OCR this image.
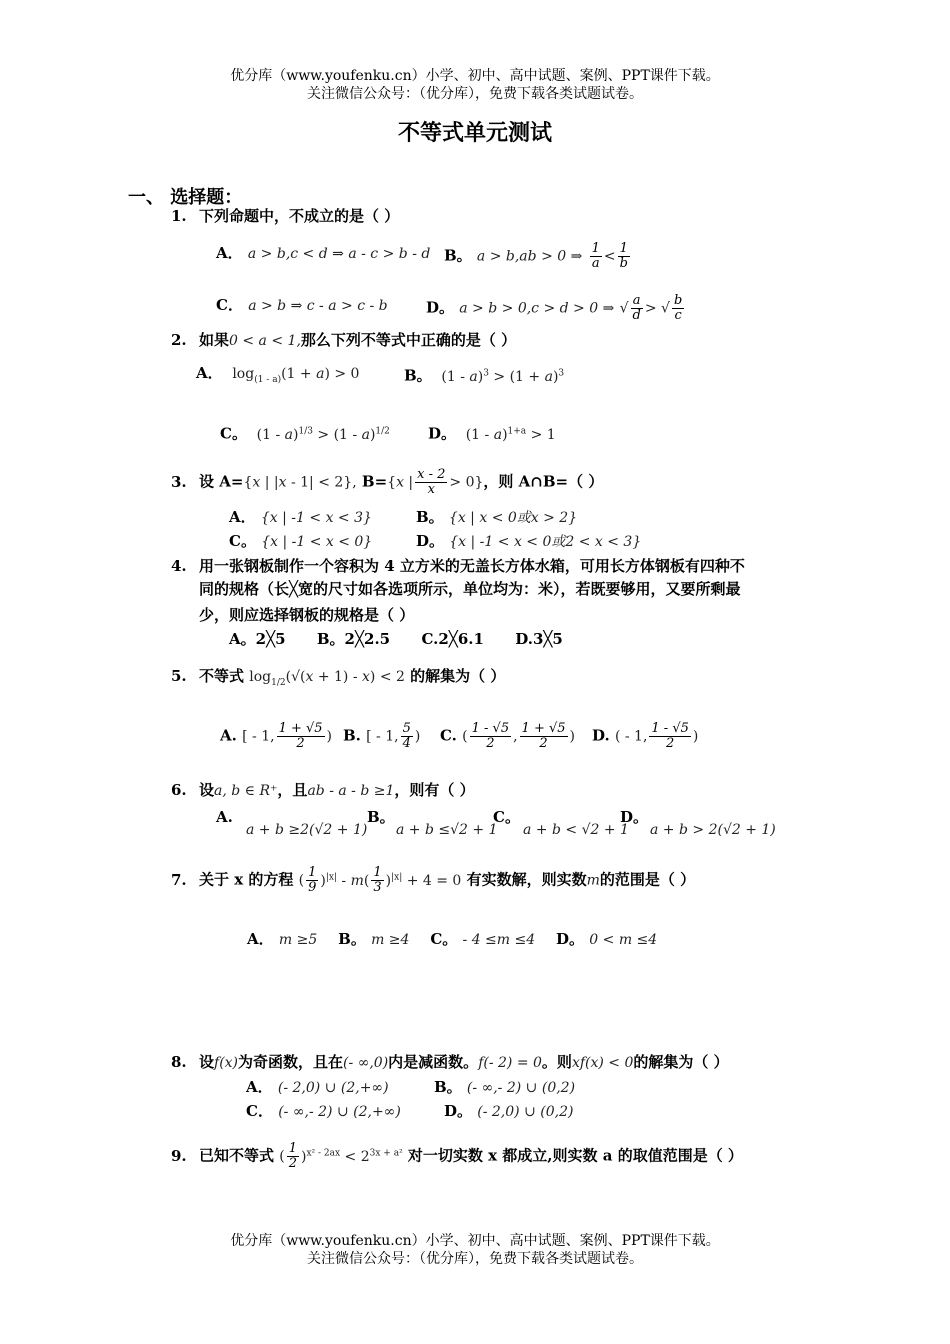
优分库（www.youfenku.cn）小学、初中、高中试题、案例、PPT课件下载。
关注微信公众号：（优分库），免费下载各类试题试卷。
不等式单元测试
一、 选择题：
1. 下列命题中，不成立的是（ ）
A． a > b,c < d ⇒ a - c > b - d B。 a > b,ab > 0 ⇒ $\frac{1}{a} < \frac{1}{b}$
C． a > b ⇒ c - a > c - b	D。 a > b > 0,c > d > 0 ⇒ √ $\frac{a}{d}$ > √ $\frac{b}{c}$
2. 如果0 < a < 1,那么下列不等式中正确的是（ ）
A．  $\log_{(1 - a)}(1 + a) > 0$	B。  $(1 - a)^3 > (1 + a)^3$
C。  (1 - a)$^{1/3}$ > (1 - a)$^{1/2}$	D。  (1 - a)$^{1+a}$ > 1
3. 设 A={x | |x - 1| < 2}, B={x | $\frac{x - 2}{x} > 0$}，则 A∩B=（ ）
A． {x | -1 < x < 3}	B。 {x | x < 0或x > 2}
C。 {x | -1 < x < 0}	D。 {x | -1 < x < 0或2 < x < 3}
4. 用一张钢板制作一个容积为 4 立方米的无盖长方体水箱，可用长方体钢板有四种不
同的规格（长╳宽的尺寸如各选项所示，单位均为：米），若既要够用，又要所剩最
少，则应选择钢板的规格是（ ）
A。2╳5      B。2╳2.5      C.2╳6.1      D.3╳5
5. 不等式 $\log_{1/2}(√(x + 1) - x) < 2$ 的解集为（ ）
A. [ - 1, $\frac{1 + √5}{2}$ ) B. [ - 1, $\frac{5}{4}$ ) C. ( $\frac{1 - √5}{2}$ , $\frac{1 + √5}{2}$ ) D. ( - 1, $\frac{1 - √5}{2}$ )
6. 设a, b ∈ R⁺，且ab - a - b ≥1，则有（ ）
A.
a + b ≥2(√2 + 1)
B。
a + b ≤√2 + 1
C。
a + b < √2 + 1
D。
a + b > 2(√2 + 1)
7. 关于 x 的方程 ( $\frac{1}{9} )^{|x|} - m( \frac{1}{3} )^{|x|} + 4 = 0$ 有实数解，则实数m的范围是（ ）
A． m ≥5 B。 m ≥4 C。 - 4 ≤m ≤4 D。 0 < m ≤4
8. 设f(x)为奇函数，且在(- ∞,0)内是减函数。f(- 2) = 0。则xf(x) < 0的解集为（ ）
A． (- 2,0) ∪ (2,+∞)	B。 (- ∞,- 2) ∪ (0,2)
C． (- ∞,- 2) ∪ (2,+∞)	D。 (- 2,0) ∪ (0,2)
9. 已知不等式 ( $\frac{1}{2} )^{x^2 - 2ax} < 2^{3x + a^2}$ 对一切实数 x 都成立,则实数 a 的取值范围是（ ）
优分库（www.youfenku.cn）小学、初中、高中试题、案例、PPT课件下载。
关注微信公众号：（优分库），免费下载各类试题试卷。
